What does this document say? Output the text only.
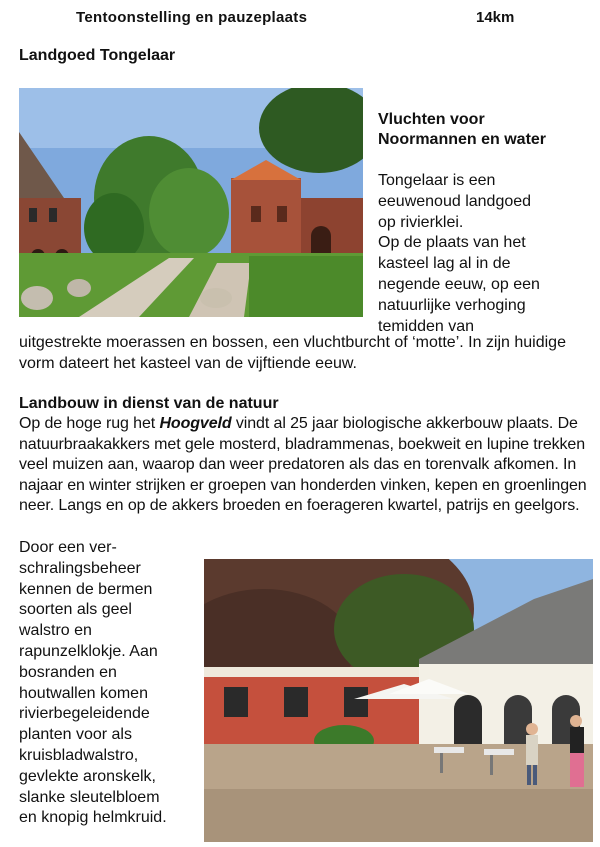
Tentoonstelling en pauzeplaats	14km
Landgoed Tongelaar
Vluchten voor Noormannen en water

Tongelaar is een

eeuwenoud landgoed

op rivierklei.

Op de plaats van het

kasteel lag al in de

negende eeuw, op een

natuurlijke verhoging

temidden van

uitgestrekte moerassen en bossen, een vluchtburcht of ‘motte’. In zijn huidige vorm dateert het kasteel van de vijftiende eeuw.
Landbouw in dienst van de natuur
Op de hoge rug het Hoogveld vindt al 25 jaar biologische akkerbouw plaats. De natuurbraakakkers met gele mosterd, bladrammenas, boekweit en lupine trekken veel muizen aan, waarop dan weer predatoren als das en torenvalk afkomen. In najaar en winter strijken er groepen van honderden vinken, kepen en groenlingen neer. Langs en op de akkers broeden en foerageren kwartel, patrijs en geelgors.

Door een ver-

schralingsbeheer

kennen de bermen

soorten als geel

walstro en

rapunzelklokje. Aan

bosranden en

houtwallen komen

rivierbegeleidende

planten voor als

kruisbladwalstro,

gevlekte aronskelk,

slanke sleutelbloem

en knopig helmkruid.
